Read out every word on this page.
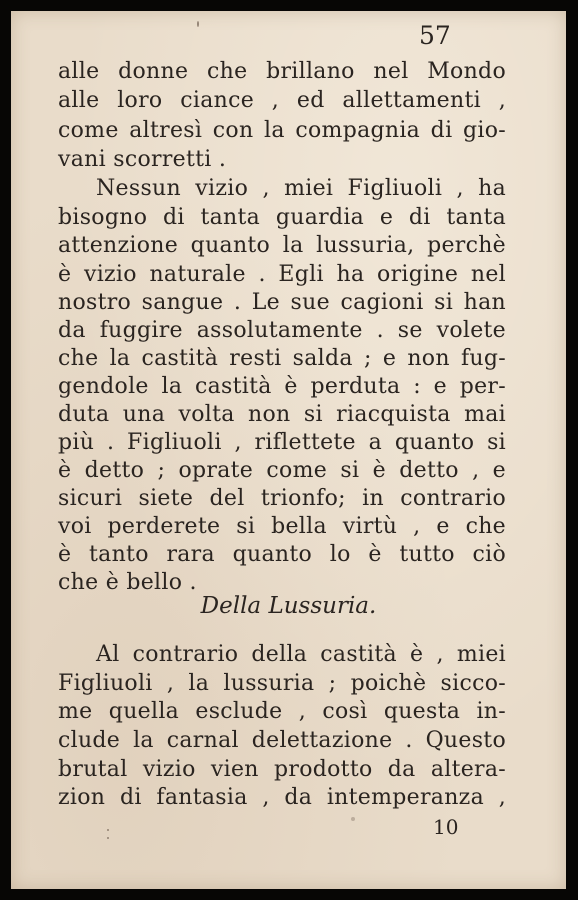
57
alle donne che brillano nel Mondo
alle loro ciance , ed allettamenti ,
come altresì con la compagnia di gio-
vani scorretti .
Nessun vizio , miei Figliuoli , ha
bisogno di tanta guardia e di tanta
attenzione quanto la lussuria, perchè
è vizio naturale . Egli ha origine nel
nostro sangue . Le sue cagioni si han
da fuggire assolutamente . se volete
che la castità resti salda ; e non fug-
gendole la castità è perduta : e per-
duta una volta non si riacquista mai
più . Figliuoli , riflettete a quanto si
è detto ; oprate come si è detto , e
sicuri siete del trionfo; in contrario
voi perderete si bella virtù , e che
è tanto rara quanto lo è tutto ciò
che è bello .
Della Lussuria.
Al contrario della castità è , miei
Figliuoli , la lussuria ; poichè sicco-
me quella esclude , così questa in-
clude la carnal delettazione . Questo
brutal vizio vien prodotto da altera-
zion di fantasia , da intemperanza ,
10
